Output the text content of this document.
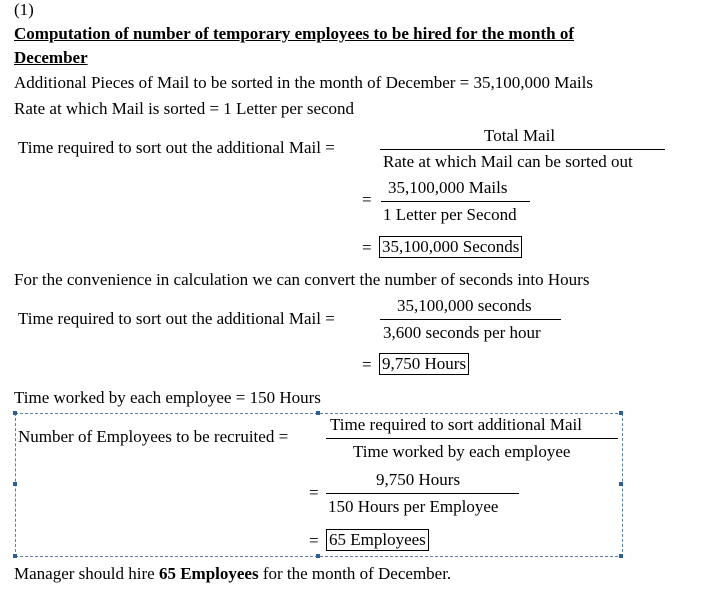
(1)
Computation of number of temporary employees to be hired for the month of
December
Additional Pieces of Mail to be sorted in the month of December = 35,100,000 Mails
Rate at which Mail is sorted = 1 Letter per second
Time required to sort out the additional Mail =
Total Mail
Rate at which Mail can be sorted out
=
35,100,000 Mails
1 Letter per Second
= 35,100,000 Seconds
For the convenience in calculation we can convert the number of seconds into Hours
Time required to sort out the additional Mail =
35,100,000 seconds
3,600 seconds per hour
= 9,750 Hours
Time worked by each employee = 150 Hours
Number of Employees to be recruited =
Time required to sort additional Mail
Time worked by each employee
=
9,750 Hours
150 Hours per Employee
= 65 Employees
Manager should hire 65 Employees for the month of December.
